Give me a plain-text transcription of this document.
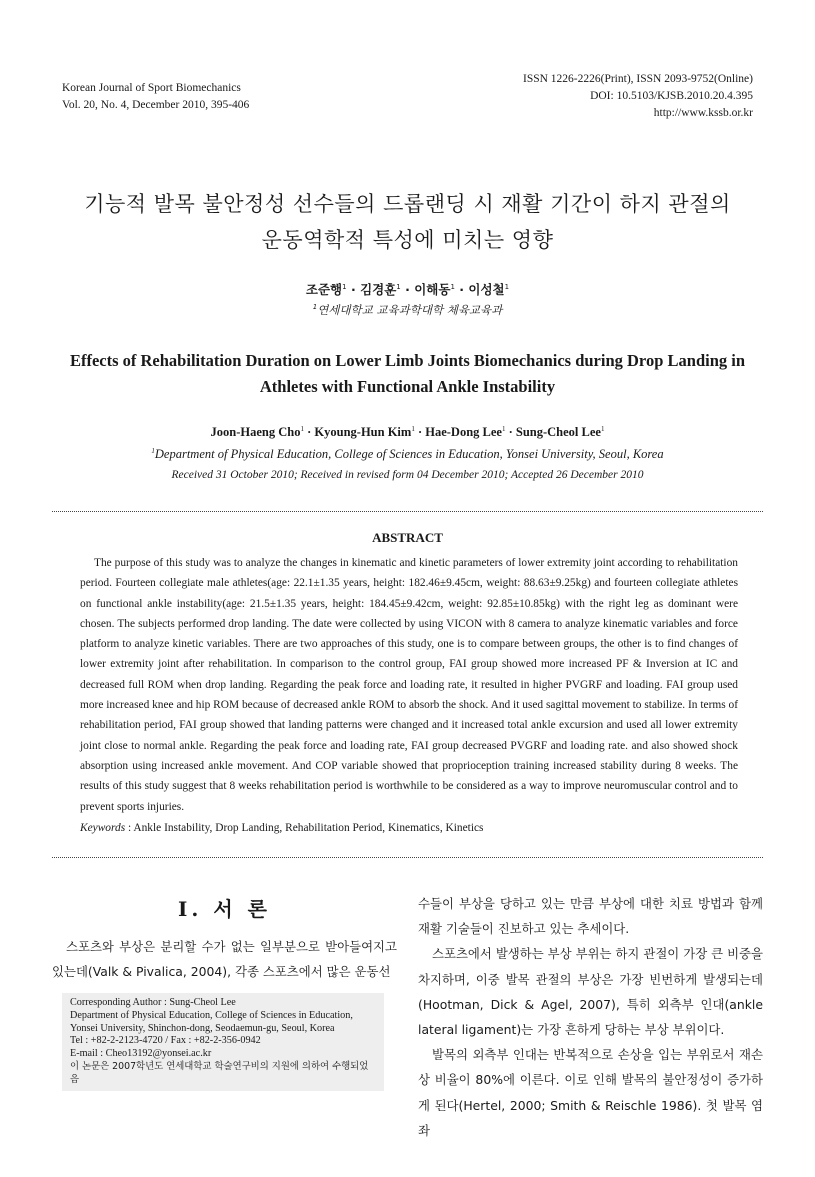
Korean Journal of Sport Biomechanics
Vol. 20, No. 4, December 2010, 395-406
ISSN 1226-2226(Print), ISSN 2093-9752(Online)
DOI: 10.5103/KJSB.2010.20.4.395
http://www.kssb.or.kr
기능적 발목 불안정성 선수들의 드롭랜딩 시 재활 기간이 하지 관절의
운동역학적 특성에 미치는 영향
조준행$^1$ · 김경훈$^1$ · 이해동$^1$ · 이성철$^1$
$^1$연세대학교 교육과학대학 체육교육과
Effects of Rehabilitation Duration on Lower Limb Joints Biomechanics during Drop Landing in
Athletes with Functional Ankle Instability
Joon-Haeng Cho$^1$ · Kyoung-Hun Kim$^1$ · Hae-Dong Lee$^1$ · Sung-Cheol Lee$^1$
$^1$Department of Physical Education, College of Sciences in Education, Yonsei University, Seoul, Korea
Received 31 October 2010; Received in revised form 04 December 2010; Accepted 26 December 2010
ABSTRACT
The purpose of this study was to analyze the changes in kinematic and kinetic parameters of lower extremity joint according to rehabilitation period. Fourteen collegiate male athletes(age: 22.1±1.35 years, height: 182.46±9.45cm, weight: 88.63±9.25kg) and fourteen collegiate athletes on functional ankle instability(age: 21.5±1.35 years, height: 184.45±9.42cm, weight: 92.85±10.85kg) with the right leg as dominant were chosen. The subjects performed drop landing. The date were collected by using VICON with 8 camera to analyze kinematic variables and force platform to analyze kinetic variables. There are two approaches of this study, one is to compare between groups, the other is to find changes of lower extremity joint after rehabilitation. In comparison to the control group, FAI group showed more increased PF & Inversion at IC and decreased full ROM when drop landing. Regarding the peak force and loading rate, it resulted in higher PVGRF and loading. FAI group used more increased knee and hip ROM because of decreased ankle ROM to absorb the shock. And it used sagittal movement to stabilize. In terms of rehabilitation period, FAI group showed that landing patterns were changed and it increased total ankle excursion and used all lower extremity joint close to normal ankle. Regarding the peak force and loading rate, FAI group decreased PVGRF and loading rate. and also showed shock absorption using increased ankle movement. And COP variable showed that proprioception training increased stability during 8 weeks. The results of this study suggest that 8 weeks rehabilitation period is worthwhile to be considered as a way to improve neuromuscular control and to prevent sports injuries.
Keywords : Ankle Instability, Drop Landing, Rehabilitation Period, Kinematics, Kinetics
I. 서 론
스포츠와 부상은 분리할 수가 없는 일부분으로 받아들여지고 있는데(Valk & Pivalica, 2004), 각종 스포츠에서 많은 운동선
Corresponding Author : Sung-Cheol Lee
Department of Physical Education, College of Sciences in Education,
Yonsei University, Shinchon-dong, Seodaemun-gu, Seoul, Korea
Tel : +82-2-2123-4720 / Fax : +82-2-356-0942
E-mail : Cheo13192@yonsei.ac.kr
이 논문은 2007학년도 연세대학교 학술연구비의 지원에 의하여 수행되었음

수들이 부상을 당하고 있는 만큼 부상에 대한 치료 방법과 함께 재활 기술들이 진보하고 있는 추세이다.

스포츠에서 발생하는 부상 부위는 하지 관절이 가장 큰 비중을 차지하며, 이중 발목 관절의 부상은 가장 빈번하게 발생되는데(Hootman, Dick & Agel, 2007), 특히 외측부 인대(ankle lateral ligament)는 가장 흔하게 당하는 부상 부위이다.

발목의 외측부 인대는 반복적으로 손상을 입는 부위로서 재손상 비율이 80%에 이른다. 이로 인해 발목의 불안정성이 증가하게 된다(Hertel, 2000; Smith & Reischle 1986). 첫 발목 염좌
